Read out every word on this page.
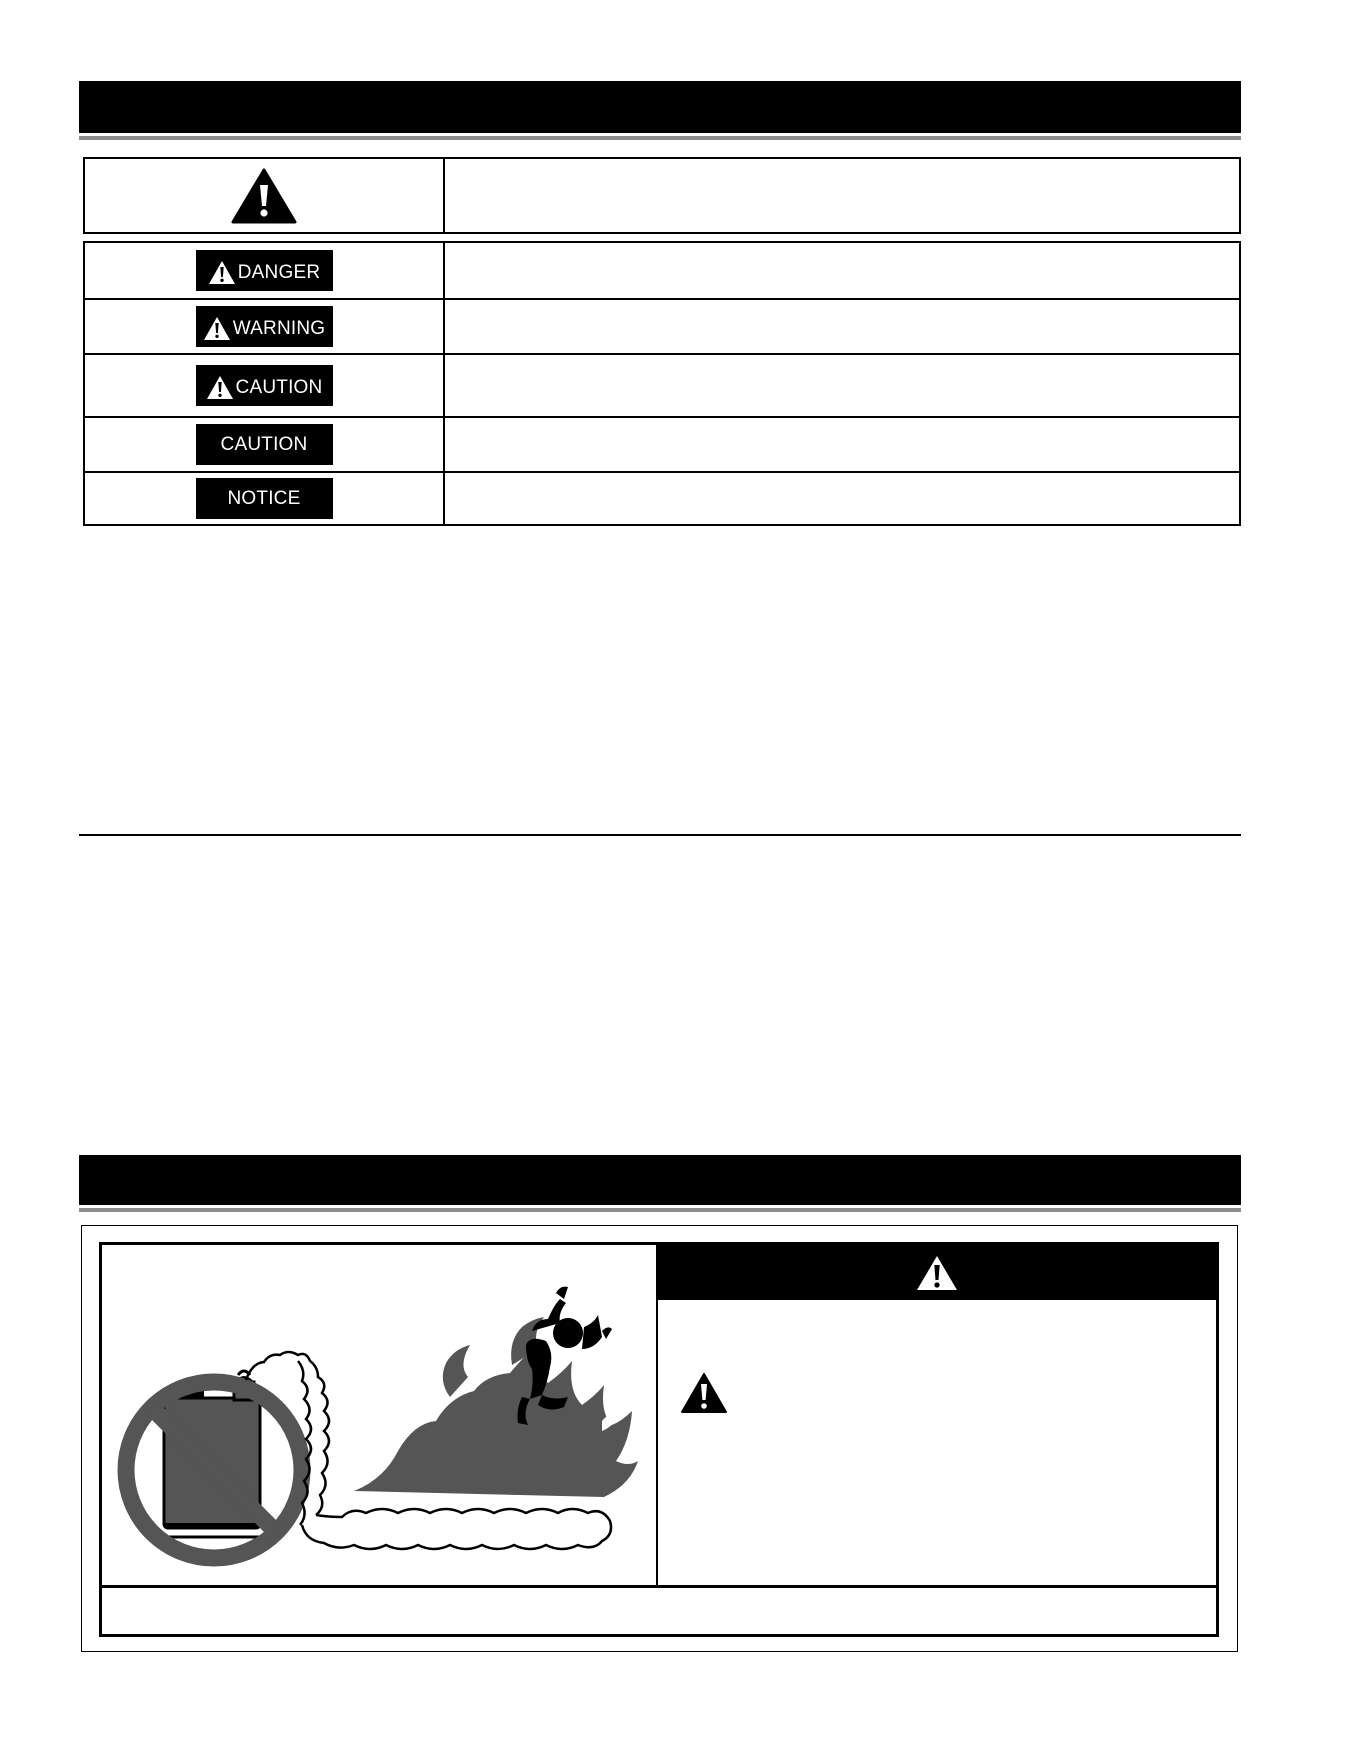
DANGER
WARNING
CAUTION
CAUTION
NOTICE
